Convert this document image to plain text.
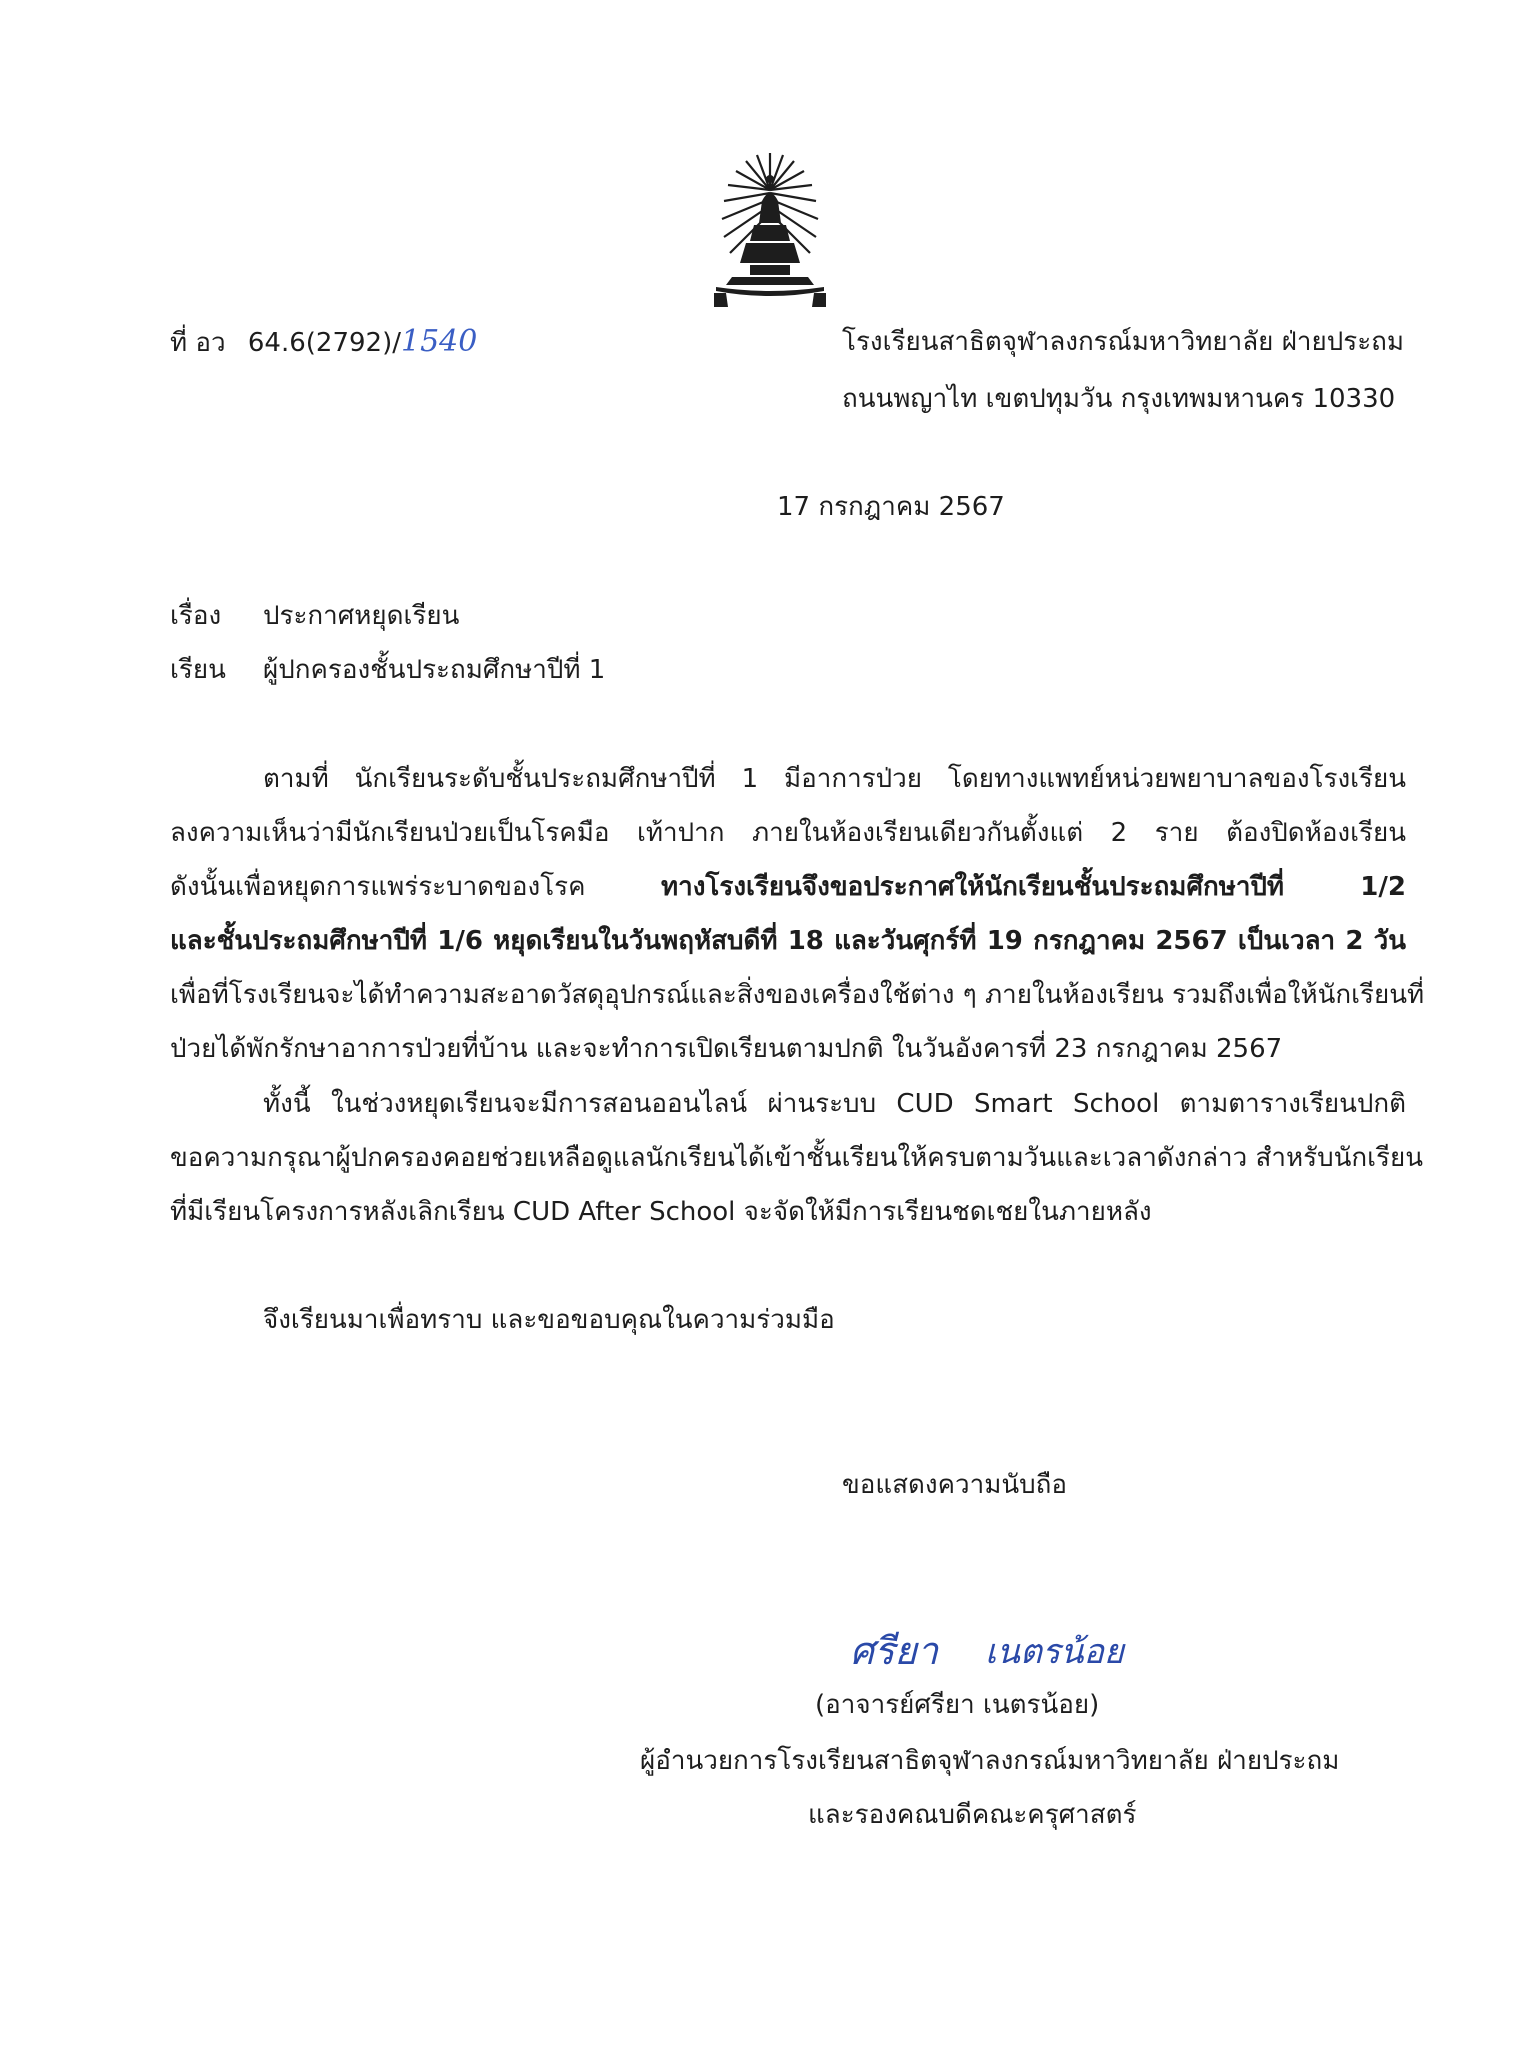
ที่ อว 64.6(2792)/1540	โรงเรียนสาธิตจุฬาลงกรณ์มหาวิทยาลัย ฝ่ายประถม
ถนนพญาไท เขตปทุมวัน กรุงเทพมหานคร 10330
17 กรกฎาคม 2567
เรื่อง ประกาศหยุดเรียน
เรียน ผู้ปกครองชั้นประถมศึกษาปีที่ 1
ตามที่ นักเรียนระดับชั้นประถมศึกษาปีที่ 1 มีอาการป่วย โดยทางแพทย์หน่วยพยาบาลของโรงเรียน
ลงความเห็นว่ามีนักเรียนป่วยเป็นโรคมือ เท้าปาก ภายในห้องเรียนเดียวกันตั้งแต่ 2 ราย ต้องปิดห้องเรียน
ดังนั้นเพื่อหยุดการแพร่ระบาดของโรค ทางโรงเรียนจึงขอประกาศให้นักเรียนชั้นประถมศึกษาปีที่ 1/2
และชั้นประถมศึกษาปีที่ 1/6 หยุดเรียนในวันพฤหัสบดีที่ 18 และวันศุกร์ที่ 19 กรกฎาคม 2567 เป็นเวลา 2 วัน
เพื่อที่โรงเรียนจะได้ทำความสะอาดวัสดุอุปกรณ์และสิ่งของเครื่องใช้ต่าง ๆ ภายในห้องเรียน รวมถึงเพื่อให้นักเรียนที่
ป่วยได้พักรักษาอาการป่วยที่บ้าน และจะทำการเปิดเรียนตามปกติ ในวันอังคารที่ 23 กรกฎาคม 2567
ทั้งนี้ ในช่วงหยุดเรียนจะมีการสอนออนไลน์ ผ่านระบบ CUD Smart School ตามตารางเรียนปกติ
ขอความกรุณาผู้ปกครองคอยช่วยเหลือดูแลนักเรียนได้เข้าชั้นเรียนให้ครบตามวันและเวลาดังกล่าว สำหรับนักเรียน
ที่มีเรียนโครงการหลังเลิกเรียน CUD After School จะจัดให้มีการเรียนชดเชยในภายหลัง
จึงเรียนมาเพื่อทราบ และขอขอบคุณในความร่วมมือ
ขอแสดงความนับถือ
ศรียา เนตรน้อย
(อาจารย์ศรียา เนตรน้อย)
ผู้อำนวยการโรงเรียนสาธิตจุฬาลงกรณ์มหาวิทยาลัย ฝ่ายประถม
และรองคณบดีคณะครุศาสตร์
